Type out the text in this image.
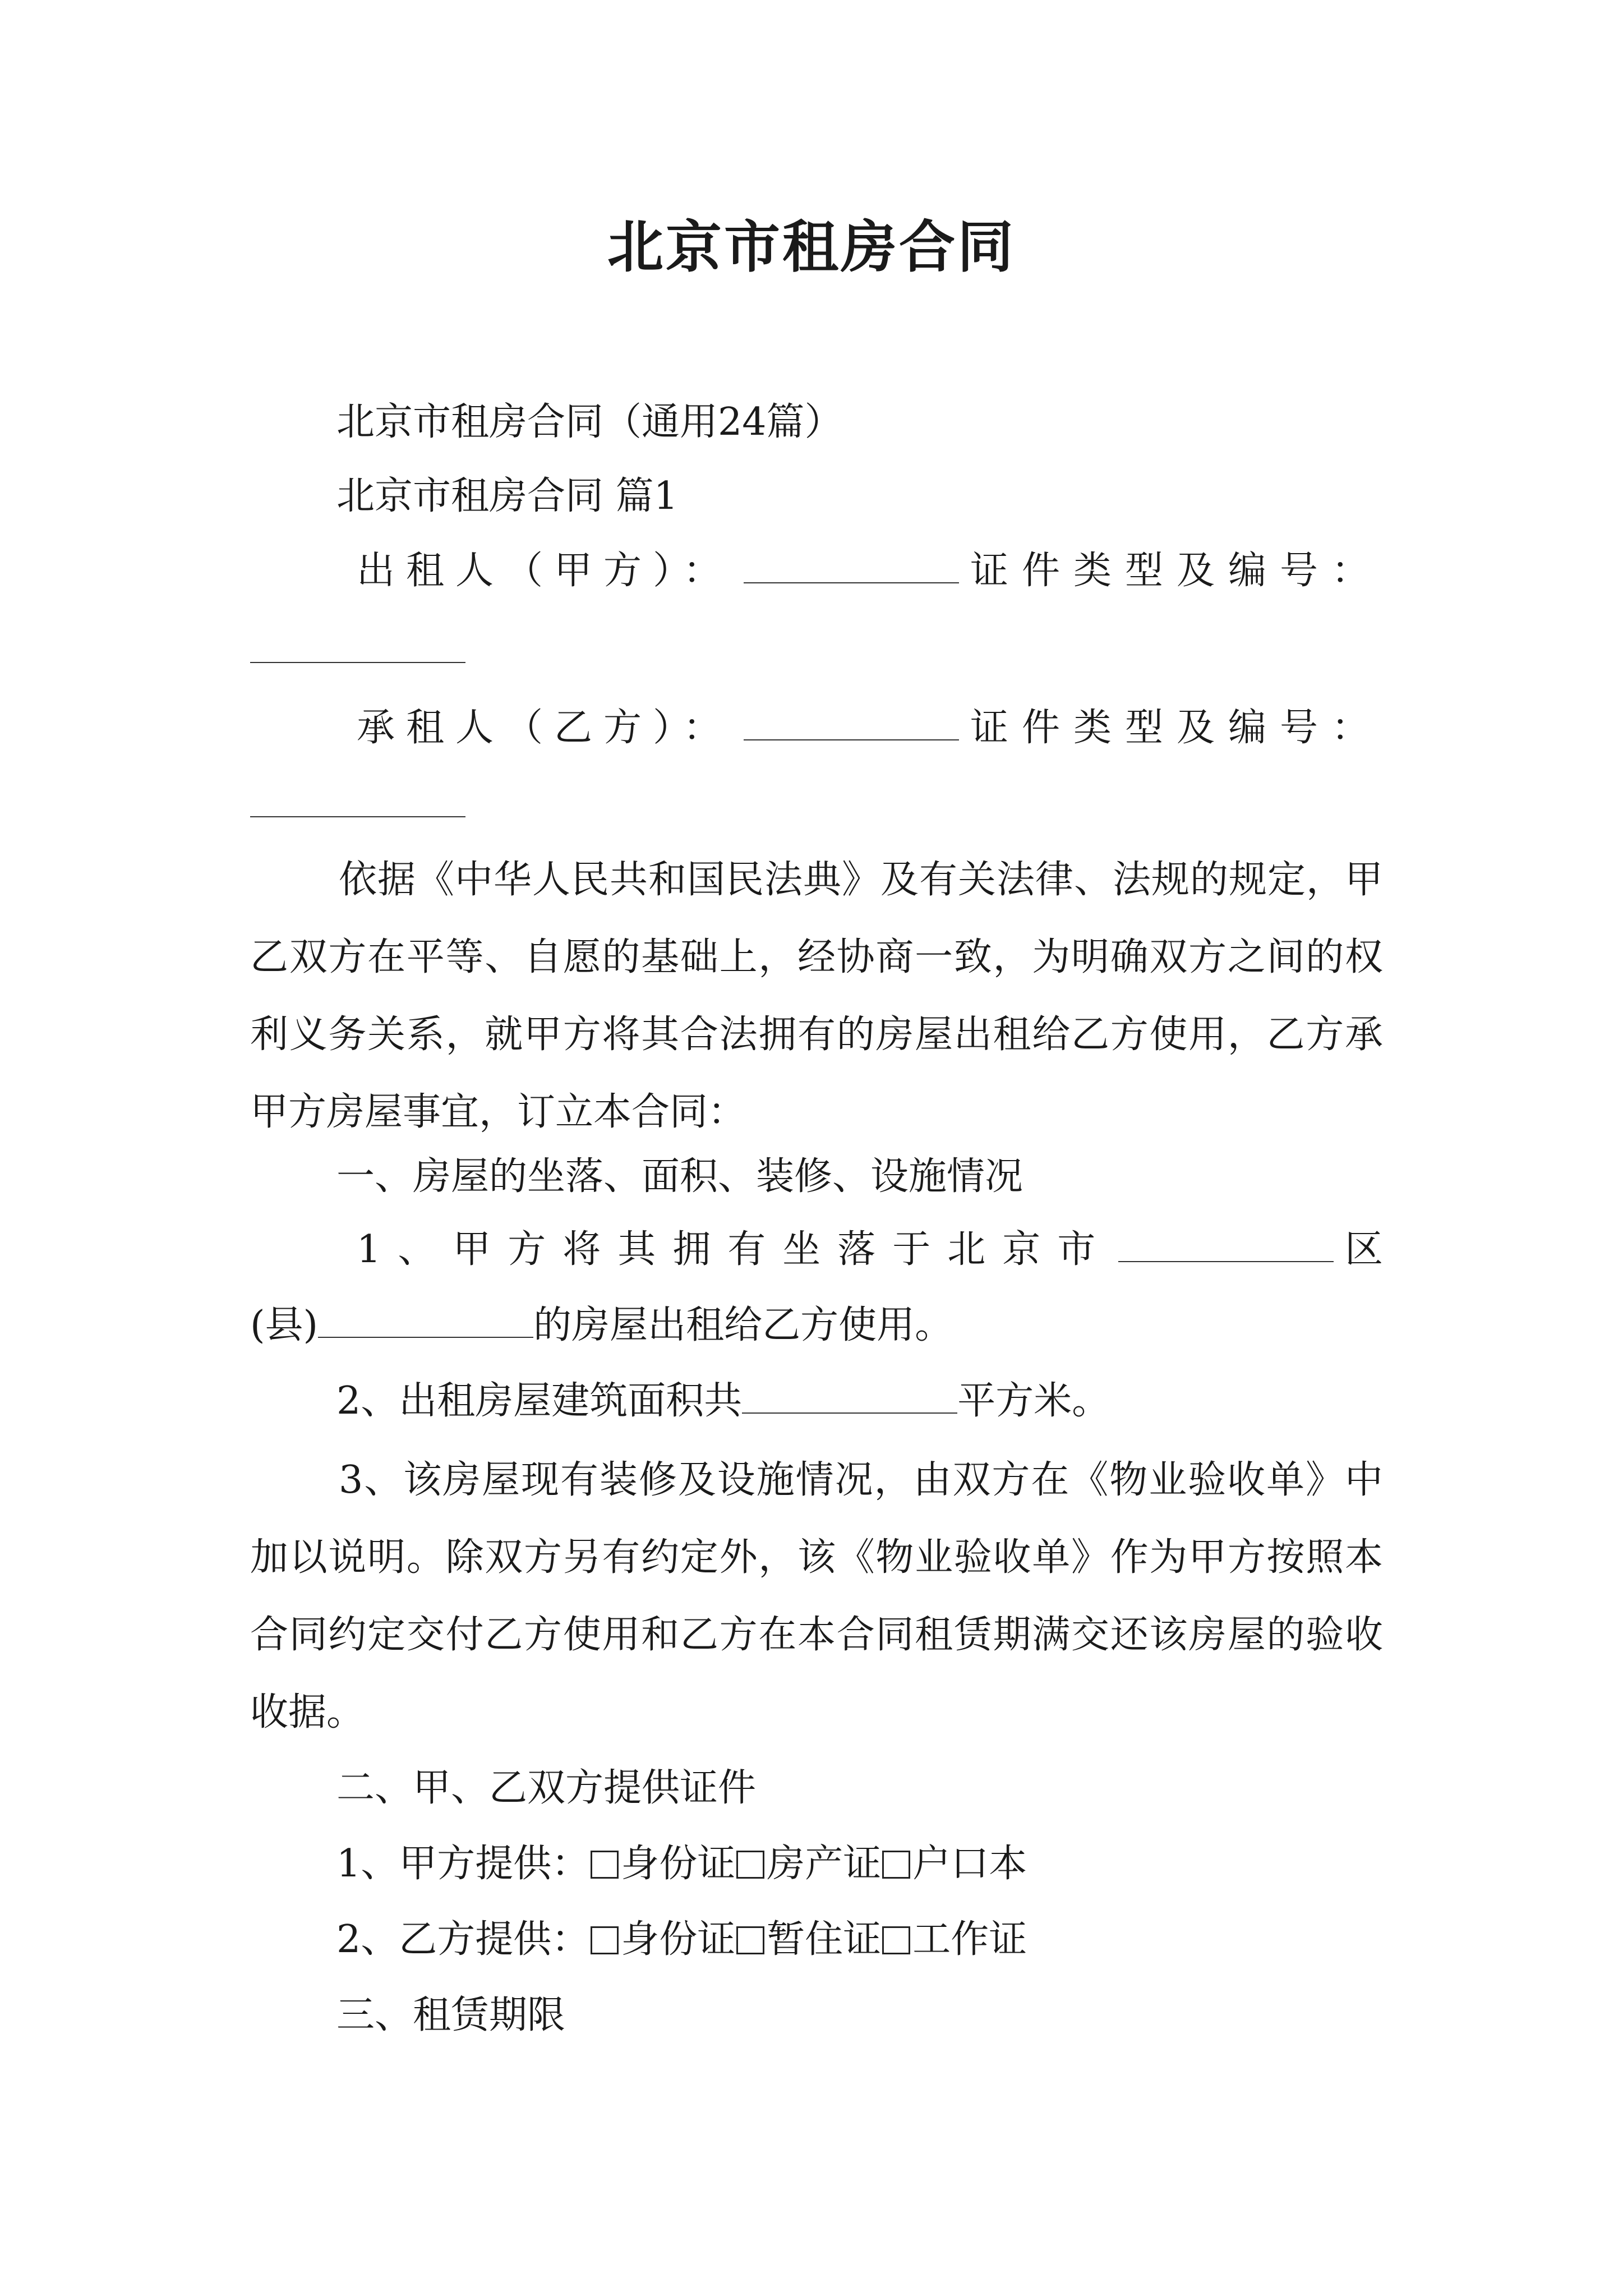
北京市租房合同
北京市租房合同（通用24篇）
北京市租房合同 篇1
出租人（甲方）：	证件类型及编号：
承租人（乙方）：	证件类型及编号：
依据《中华人民共和国民法典》及有关法律、法规的规定，甲乙双方在平等、自愿的基础上，经协商一致，为明确双方之间的权利义务关系，就甲方将其合法拥有的房屋出租给乙方使用，乙方承甲方房屋事宜，订立本合同：
一、房屋的坐落、面积、装修、设施情况
1、甲方将其拥有坐落于北京市	区
(县)	的房屋出租给乙方使用。
2、出租房屋建筑面积共	平方米。
3、该房屋现有装修及设施情况，由双方在《物业验收单》中加以说明。除双方另有约定外，该《物业验收单》作为甲方按照本合同约定交付乙方使用和乙方在本合同租赁期满交还该房屋的验收收据。
二、甲、乙双方提供证件
1、甲方提供： 身份证 房产证 户口本
2、乙方提供： 身份证 暂住证 工作证
三、租赁期限
